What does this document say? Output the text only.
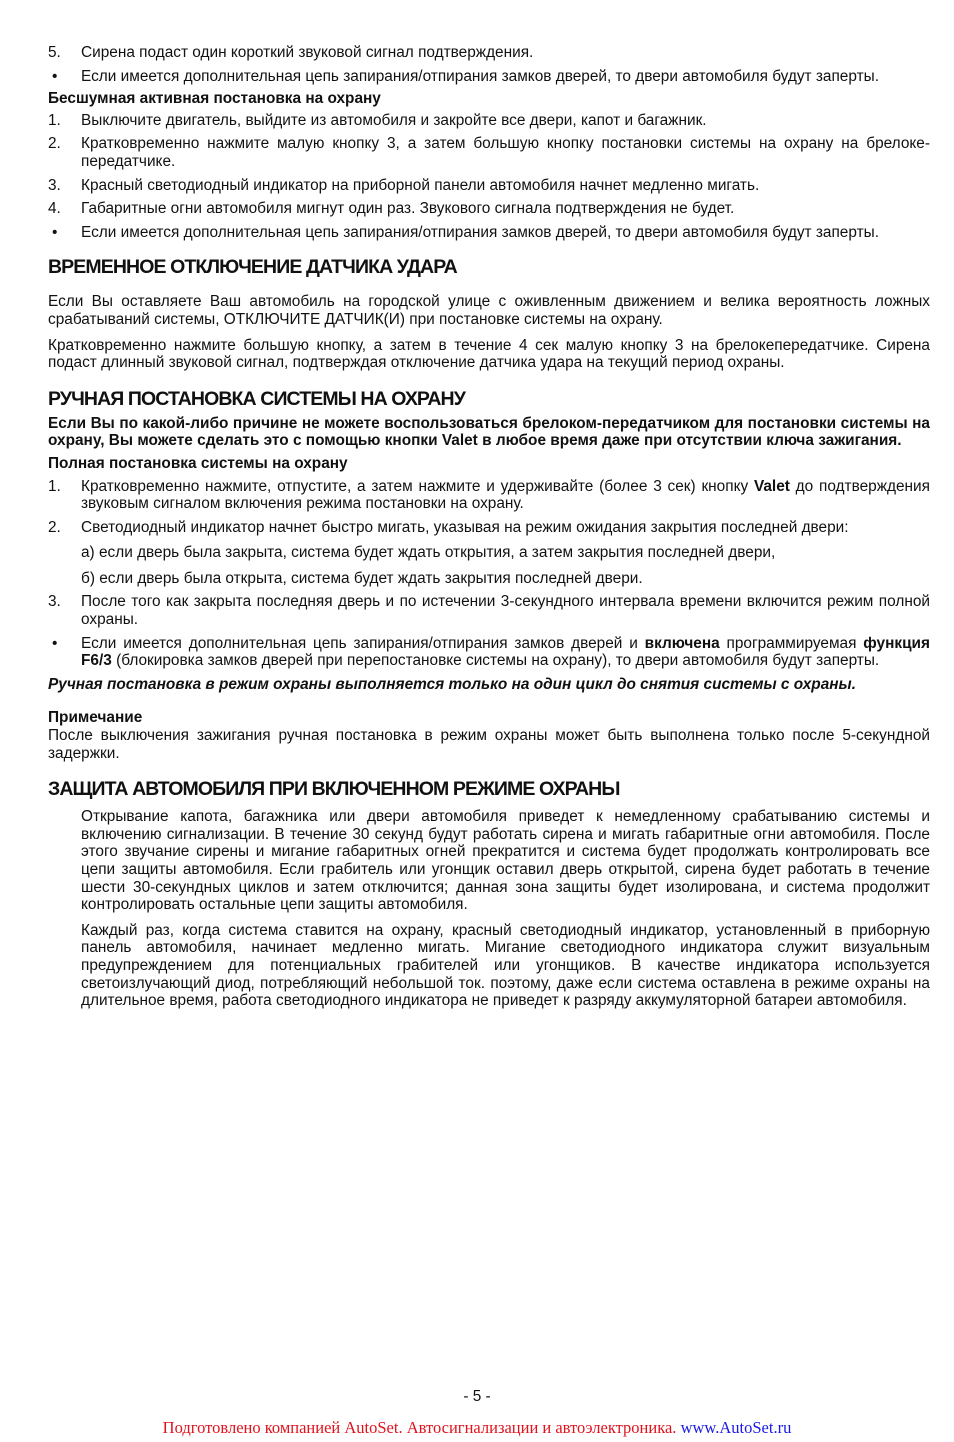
5. Сирена подаст один короткий звуковой сигнал подтверждения.

• Если имеется дополнительная цепь запирания/отпирания замков дверей, то двери автомобиля будут заперты.

Бесшумная активная постановка на охрану

1. Выключите двигатель, выйдите из автомобиля и закройте все двери, капот и багажник.

2. Кратковременно нажмите малую кнопку 3, а затем большую кнопку постановки системы на охрану на брелоке-передатчике.

3. Красный светодиодный индикатор на приборной панели автомобиля начнет медленно мигать.

4. Габаритные огни автомобиля мигнут один раз. Звукового сигнала подтверждения не будет.

• Если имеется дополнительная цепь запирания/отпирания замков дверей, то двери автомобиля будут заперты.

ВРЕМЕННОЕ ОТКЛЮЧЕНИЕ ДАТЧИКА УДАРА

Если Вы оставляете Ваш автомобиль на городской улице с оживленным движением и велика вероятность ложных срабатываний системы, ОТКЛЮЧИТЕ ДАТЧИК(И) при постановке системы на охрану.

Кратковременно нажмите большую кнопку, а затем в течение 4 сек малую кнопку 3 на брелокепередатчике. Сирена подаст длинный звуковой сигнал, подтверждая отключение датчика удара на текущий период охраны.

РУЧНАЯ ПОСТАНОВКА СИСТЕМЫ НА ОХРАНУ

Если Вы по какой-либо причине не можете воспользоваться брелоком-передатчиком для постановки системы на охрану, Вы можете сделать это с помощью кнопки Valet в любое время даже при отсутствии ключа зажигания.

Полная постановка системы на охрану

1. Кратковременно нажмите, отпустите, а затем нажмите и удерживайте (более 3 сек) кнопку Valet до подтверждения звуковым сигналом включения режима постановки на охрану.

2. Светодиодный индикатор начнет быстро мигать, указывая на режим ожидания закрытия последней двери:

а) если дверь была закрыта, система будет ждать открытия, а затем закрытия последней двери,

б) если дверь была открыта, система будет ждать закрытия последней двери.

3. После того как закрыта последняя дверь и по истечении 3-секундного интервала времени включится режим полной охраны.

• Если имеется дополнительная цепь запирания/отпирания замков дверей и включена программируемая функция F6/3 (блокировка замков дверей при перепостановке системы на охрану), то двери автомобиля будут заперты.

Ручная постановка в режим охраны выполняется только на один цикл до снятия системы с охраны.

Примечание

После выключения зажигания ручная постановка в режим охраны может быть выполнена только после 5-секундной задержки.

ЗАЩИТА АВТОМОБИЛЯ ПРИ ВКЛЮЧЕННОМ РЕЖИМЕ ОХРАНЫ

Открывание капота, багажника или двери автомобиля приведет к немедленному срабатыванию системы и включению сигнализации. В течение 30 секунд будут работать сирена и мигать габаритные огни автомобиля. После этого звучание сирены и мигание габаритных огней прекратится и система будет продолжать контролировать все цепи защиты автомобиля. Если грабитель или угонщик оставил дверь открытой, сирена будет работать в течение шести 30-секундных циклов и затем отключится; данная зона защиты будет изолирована, и система продолжит контролировать остальные цепи защиты автомобиля.

Каждый раз, когда система ставится на охрану, красный светодиодный индикатор, установленный в приборную панель автомобиля, начинает медленно мигать. Мигание светодиодного индикатора служит визуальным предупреждением для потенциальных грабителей или угонщиков. В качестве индикатора используется светоизлучающий диод, потребляющий небольшой ток. поэтому, даже если система оставлена в режиме охраны на длительное время, работа светодиодного индикатора не приведет к разряду аккумуляторной батареи автомобиля.

- 5 -
Подготовлено компанией AutoSet. Автосигнализации и автоэлектроника. www.AutoSet.ru
